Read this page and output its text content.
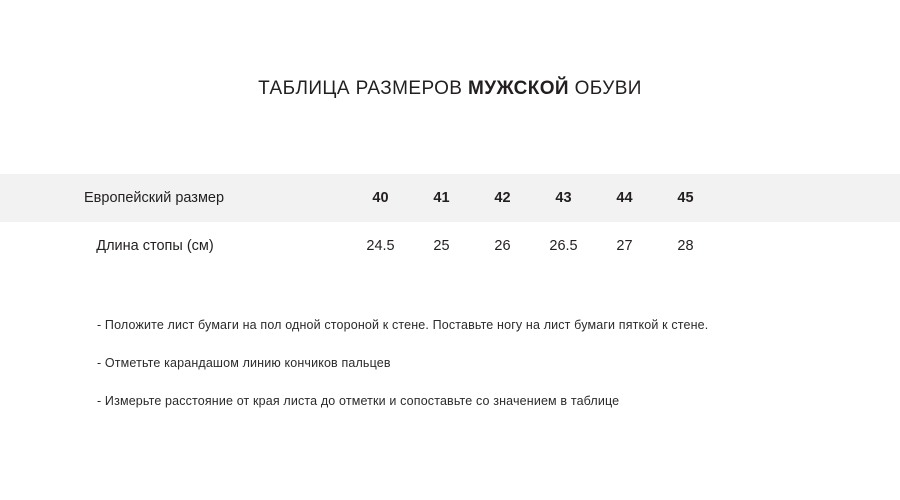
ТАБЛИЦА РАЗМЕРОВ МУЖСКОЙ ОБУВИ
Европейский размер	40	41	42	43	44	45
Длина стопы (см)	24.5	25	26	26.5	27	28
- Положите лист бумаги на пол одной стороной к стене. Поставьте ногу на лист бумаги пяткой к стене.
- Отметьте карандашом линию кончиков пальцев
- Измерьте расстояние от края листа до отметки и сопоставьте со значением в таблице
